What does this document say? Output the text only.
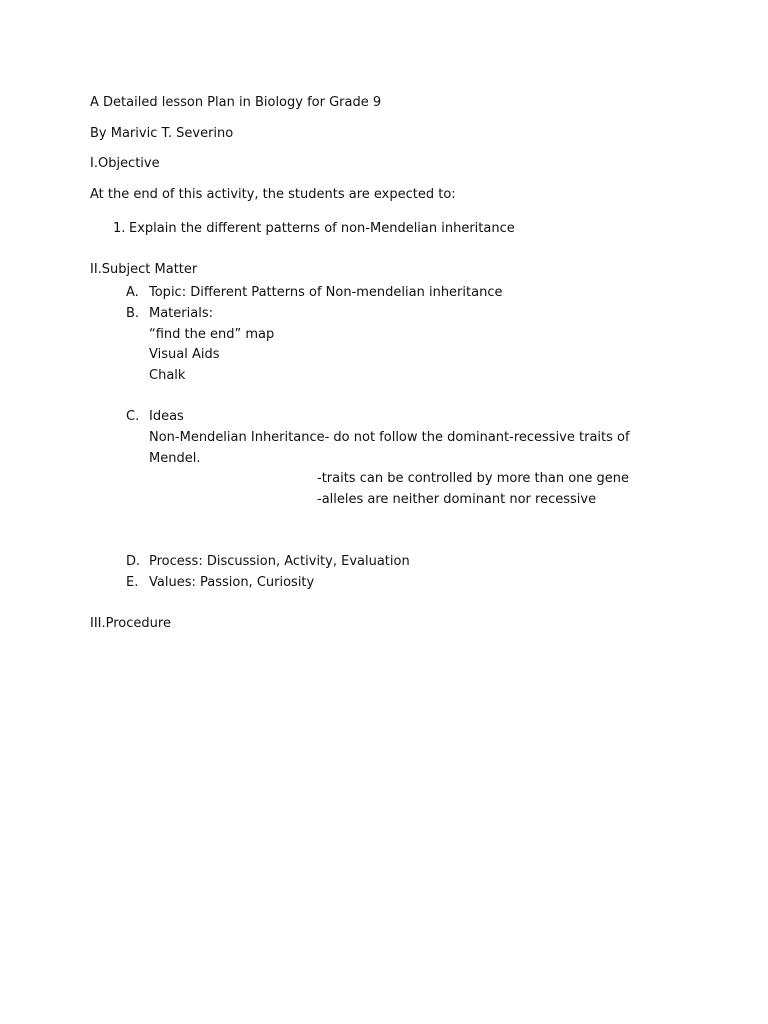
A Detailed lesson Plan in Biology for Grade 9
By Marivic T. Severino
I.Objective
At the end of this activity, the students are expected to:
1. Explain the different patterns of non-Mendelian inheritance
II.Subject Matter
A. Topic: Different Patterns of Non-mendelian inheritance
B. Materials:
“find the end” map
Visual Aids
Chalk
C. Ideas
Non-Mendelian Inheritance- do not follow the dominant-recessive traits of
Mendel.
-traits can be controlled by more than one gene
-alleles are neither dominant nor recessive
D. Process: Discussion, Activity, Evaluation
E. Values: Passion, Curiosity
III.Procedure
